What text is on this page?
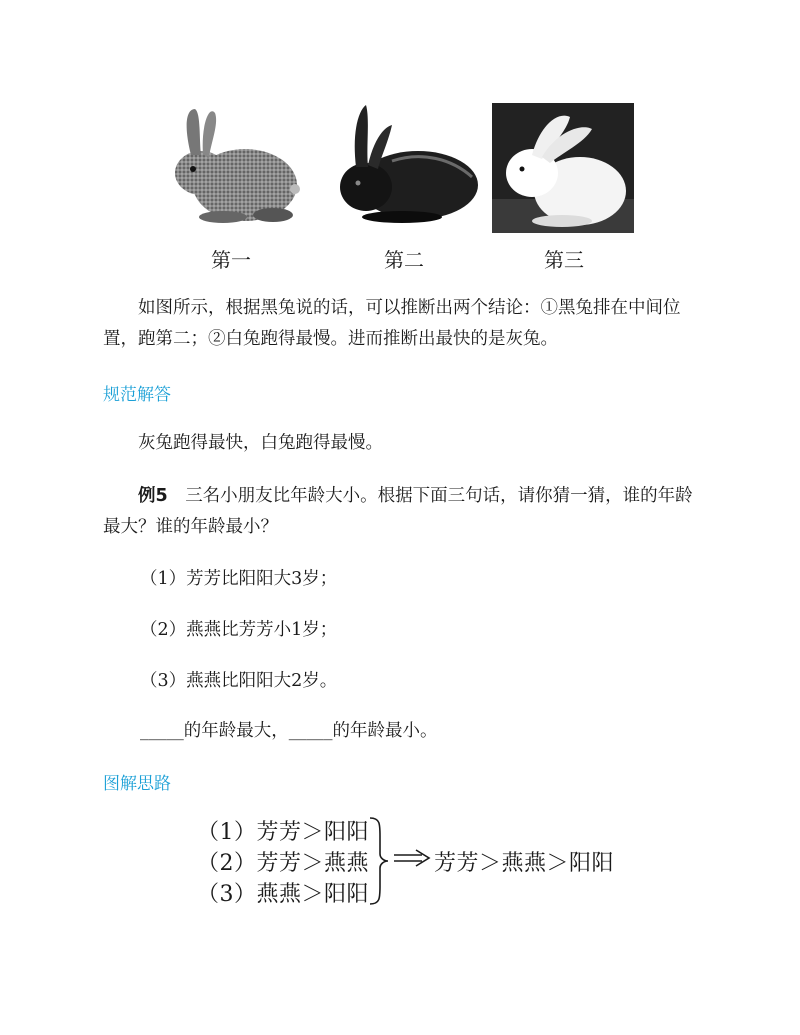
第一	第二	第三
如图所示，根据黑兔说的话，可以推断出两个结论：①黑兔排在中间位置，跑第二；②白兔跑得最慢。进而推断出最快的是灰兔。
规范解答
灰兔跑得最快，白兔跑得最慢。
例5　 三名小朋友比年龄大小。根据下面三句话，请你猜一猜，谁的年龄最大？谁的年龄最小？
（1）芳芳比阳阳大3岁；
（2）燕燕比芳芳小1岁；
（3）燕燕比阳阳大2岁。
_____的年龄最大，_____的年龄最小。
图解思路
（1）芳芳＞阳阳
（2）芳芳＞燕燕
（3）燕燕＞阳阳
芳芳＞燕燕＞阳阳
